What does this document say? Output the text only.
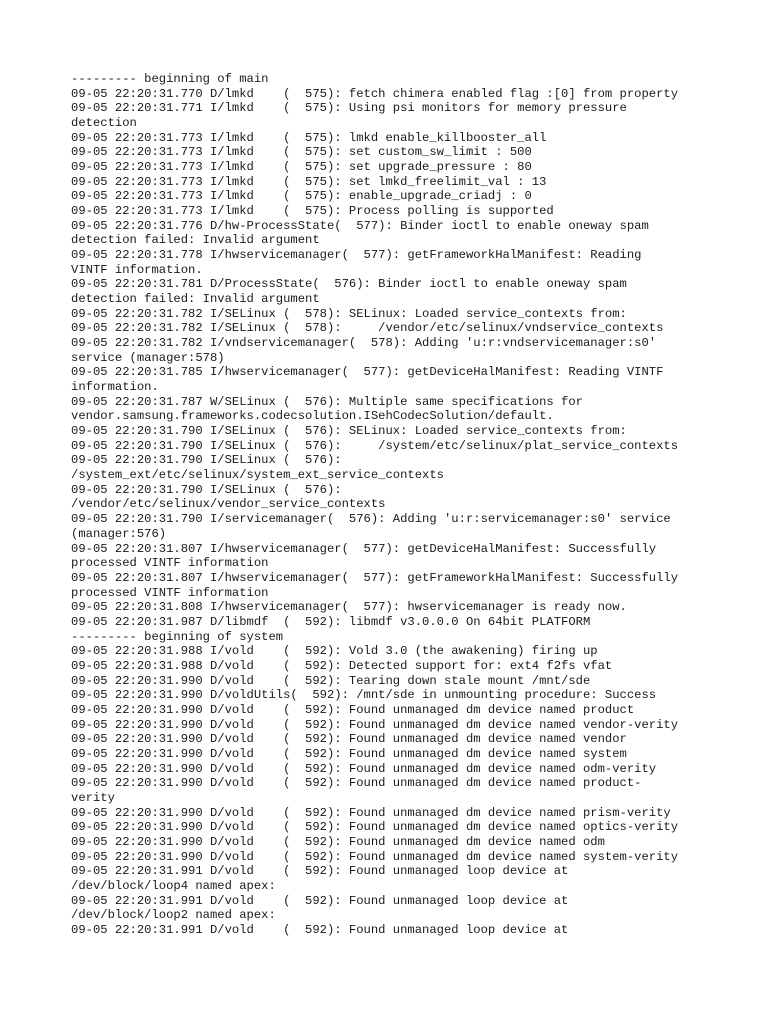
--------- beginning of main
09-05 22:20:31.770 D/lmkd    (  575): fetch chimera enabled flag :[0] from property
09-05 22:20:31.771 I/lmkd    (  575): Using psi monitors for memory pressure
detection
09-05 22:20:31.773 I/lmkd    (  575): lmkd enable_killbooster_all
09-05 22:20:31.773 I/lmkd    (  575): set custom_sw_limit : 500
09-05 22:20:31.773 I/lmkd    (  575): set upgrade_pressure : 80
09-05 22:20:31.773 I/lmkd    (  575): set lmkd_freelimit_val : 13
09-05 22:20:31.773 I/lmkd    (  575): enable_upgrade_criadj : 0
09-05 22:20:31.773 I/lmkd    (  575): Process polling is supported
09-05 22:20:31.776 D/hw-ProcessState(  577): Binder ioctl to enable oneway spam
detection failed: Invalid argument
09-05 22:20:31.778 I/hwservicemanager(  577): getFrameworkHalManifest: Reading
VINTF information.
09-05 22:20:31.781 D/ProcessState(  576): Binder ioctl to enable oneway spam
detection failed: Invalid argument
09-05 22:20:31.782 I/SELinux (  578): SELinux: Loaded service_contexts from:
09-05 22:20:31.782 I/SELinux (  578):     /vendor/etc/selinux/vndservice_contexts
09-05 22:20:31.782 I/vndservicemanager(  578): Adding 'u:r:vndservicemanager:s0'
service (manager:578)
09-05 22:20:31.785 I/hwservicemanager(  577): getDeviceHalManifest: Reading VINTF
information.
09-05 22:20:31.787 W/SELinux (  576): Multiple same specifications for
vendor.samsung.frameworks.codecsolution.ISehCodecSolution/default.
09-05 22:20:31.790 I/SELinux (  576): SELinux: Loaded service_contexts from:
09-05 22:20:31.790 I/SELinux (  576):     /system/etc/selinux/plat_service_contexts
09-05 22:20:31.790 I/SELinux (  576):
/system_ext/etc/selinux/system_ext_service_contexts
09-05 22:20:31.790 I/SELinux (  576):
/vendor/etc/selinux/vendor_service_contexts
09-05 22:20:31.790 I/servicemanager(  576): Adding 'u:r:servicemanager:s0' service
(manager:576)
09-05 22:20:31.807 I/hwservicemanager(  577): getDeviceHalManifest: Successfully
processed VINTF information
09-05 22:20:31.807 I/hwservicemanager(  577): getFrameworkHalManifest: Successfully
processed VINTF information
09-05 22:20:31.808 I/hwservicemanager(  577): hwservicemanager is ready now.
09-05 22:20:31.987 D/libmdf  (  592): libmdf v3.0.0.0 On 64bit PLATFORM
--------- beginning of system
09-05 22:20:31.988 I/vold    (  592): Vold 3.0 (the awakening) firing up
09-05 22:20:31.988 D/vold    (  592): Detected support for: ext4 f2fs vfat
09-05 22:20:31.990 D/vold    (  592): Tearing down stale mount /mnt/sde
09-05 22:20:31.990 D/voldUtils(  592): /mnt/sde in unmounting procedure: Success
09-05 22:20:31.990 D/vold    (  592): Found unmanaged dm device named product
09-05 22:20:31.990 D/vold    (  592): Found unmanaged dm device named vendor-verity
09-05 22:20:31.990 D/vold    (  592): Found unmanaged dm device named vendor
09-05 22:20:31.990 D/vold    (  592): Found unmanaged dm device named system
09-05 22:20:31.990 D/vold    (  592): Found unmanaged dm device named odm-verity
09-05 22:20:31.990 D/vold    (  592): Found unmanaged dm device named product-
verity
09-05 22:20:31.990 D/vold    (  592): Found unmanaged dm device named prism-verity
09-05 22:20:31.990 D/vold    (  592): Found unmanaged dm device named optics-verity
09-05 22:20:31.990 D/vold    (  592): Found unmanaged dm device named odm
09-05 22:20:31.990 D/vold    (  592): Found unmanaged dm device named system-verity
09-05 22:20:31.991 D/vold    (  592): Found unmanaged loop device at
/dev/block/loop4 named apex:
09-05 22:20:31.991 D/vold    (  592): Found unmanaged loop device at
/dev/block/loop2 named apex:
09-05 22:20:31.991 D/vold    (  592): Found unmanaged loop device at
